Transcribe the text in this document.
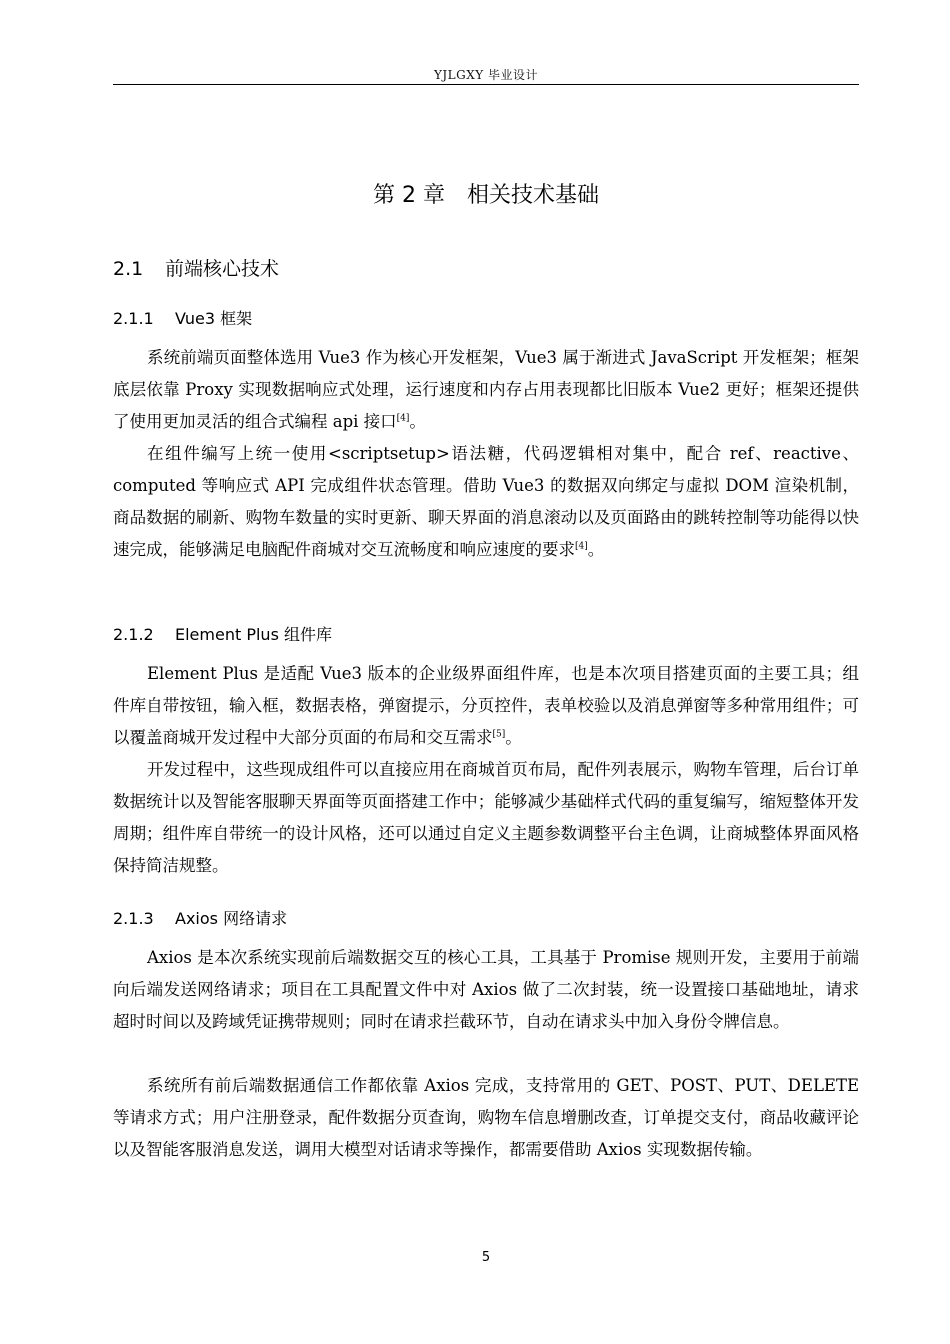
YJLGXY 毕业设计
第 2 章 相关技术基础
2.1 前端核心技术
2.1.1 Vue3 框架

系统前端页面整体选用 Vue3 作为核心开发框架，Vue3 属于渐进式 JavaScript 开发框架；框架底层依靠 Proxy 实现数据响应式处理，运行速度和内存占用表现都比旧版本 Vue2 更好；框架还提供了使用更加灵活的组合式编程 api 接口[4]。

在组件编写上统一使用<scriptsetup>语法糖，代码逻辑相对集中，配合 ref、reactive、computed 等响应式 API 完成组件状态管理。借助 Vue3 的数据双向绑定与虚拟 DOM 渲染机制，商品数据的刷新、购物车数量的实时更新、聊天界面的消息滚动以及页面路由的跳转控制等功能得以快速完成，能够满足电脑配件商城对交互流畅度和响应速度的要求[4]。

2.1.2 Element Plus 组件库

Element Plus 是适配 Vue3 版本的企业级界面组件库，也是本次项目搭建页面的主要工具；组件库自带按钮，输入框，数据表格，弹窗提示，分页控件，表单校验以及消息弹窗等多种常用组件；可以覆盖商城开发过程中大部分页面的布局和交互需求[5]。

开发过程中，这些现成组件可以直接应用在商城首页布局，配件列表展示，购物车管理，后台订单数据统计以及智能客服聊天界面等页面搭建工作中；能够减少基础样式代码的重复编写，缩短整体开发周期；组件库自带统一的设计风格，还可以通过自定义主题参数调整平台主色调，让商城整体界面风格保持简洁规整。

2.1.3 Axios 网络请求

Axios 是本次系统实现前后端数据交互的核心工具，工具基于 Promise 规则开发，主要用于前端向后端发送网络请求；项目在工具配置文件中对 Axios 做了二次封装，统一设置接口基础地址，请求超时时间以及跨域凭证携带规则；同时在请求拦截环节，自动在请求头中加入身份令牌信息。

系统所有前后端数据通信工作都依靠 Axios 完成，支持常用的 GET、POST、PUT、DELETE 等请求方式；用户注册登录，配件数据分页查询，购物车信息增删改查，订单提交支付，商品收藏评论以及智能客服消息发送，调用大模型对话请求等操作，都需要借助 Axios 实现数据传输。

5
